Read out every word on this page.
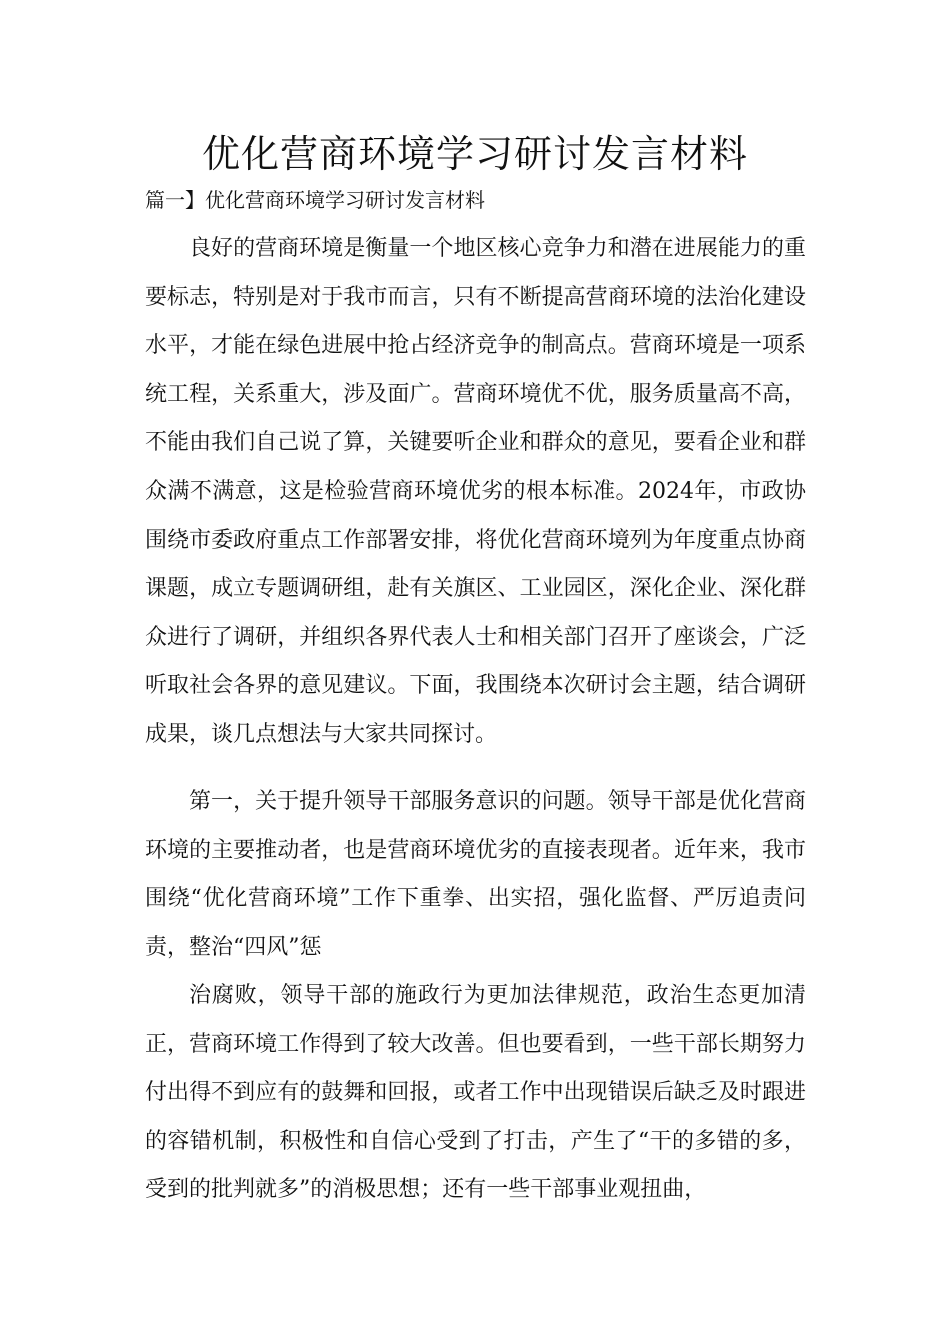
优化营商环境学习研讨发言材料

篇一】优化营商环境学习研讨发言材料

良好的营商环境是衡量一个地区核心竞争力和潜在进展能力的重要标志，特别是对于我市而言，只有不断提高营商环境的法治化建设水平，才能在绿色进展中抢占经济竞争的制高点。营商环境是一项系统工程，关系重大，涉及面广。营商环境优不优，服务质量高不高，不能由我们自己说了算，关键要听企业和群众的意见，要看企业和群众满不满意，这是检验营商环境优劣的根本标准。2024年，市政协围绕市委政府重点工作部署安排，将优化营商环境列为年度重点协商课题，成立专题调研组，赴有关旗区、工业园区，深化企业、深化群众进行了调研，并组织各界代表人士和相关部门召开了座谈会，广泛听取社会各界的意见建议。下面，我围绕本次研讨会主题，结合调研成果，谈几点想法与大家共同探讨。

第一，关于提升领导干部服务意识的问题。领导干部是优化营商环境的主要推动者，也是营商环境优劣的直接表现者。近年来，我市围绕“优化营商环境”工作下重拳、出实招，强化监督、严厉追责问责，整治“四风”惩

治腐败，领导干部的施政行为更加法律规范，政治生态更加清正，营商环境工作得到了较大改善。但也要看到，一些干部长期努力付出得不到应有的鼓舞和回报，或者工作中出现错误后缺乏及时跟进的容错机制，积极性和自信心受到了打击，产生了“干的多错的多，受到的批判就多”的消极思想；还有一些干部事业观扭曲，
